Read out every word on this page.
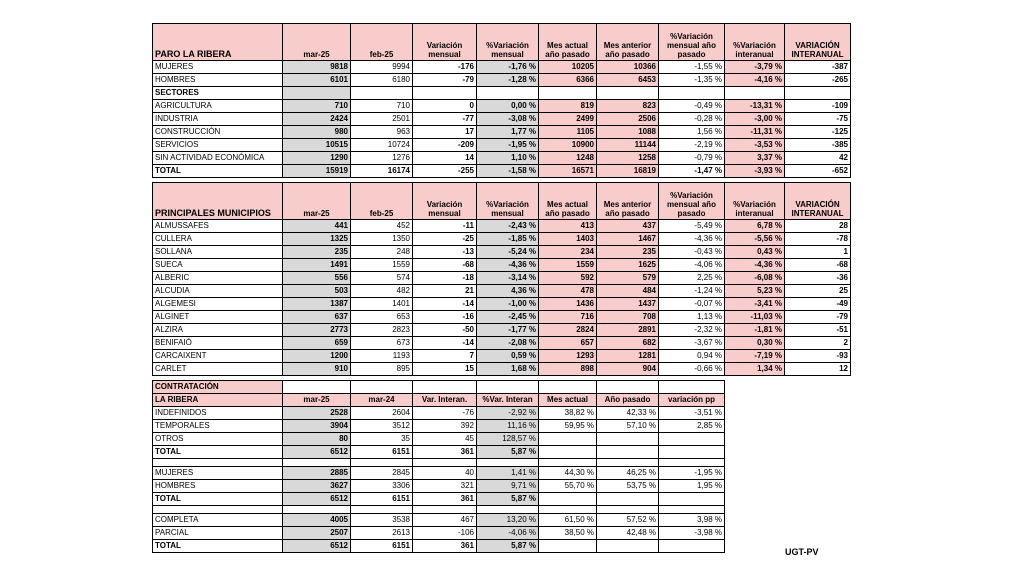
PARO LA RIBERA	mar-25	feb-25	Variación mensual	%Variación mensual	Mes actual año pasado	Mes anterior año pasado	%Variación mensual año pasado	%Variación interanual	VARIACIÓN INTERANUAL
MUJERES	9818	9994	-176	-1,76 %	10205	10366	-1,55 %	-3,79 %	-387
HOMBRES	6101	6180	-79	-1,28 %	6366	6453	-1,35 %	-4,16 %	-265
SECTORES									
AGRICULTURA	710	710	0	0,00 %	819	823	-0,49 %	-13,31 %	-109
INDUSTRIA	2424	2501	-77	-3,08 %	2499	2506	-0,28 %	-3,00 %	-75
CONSTRUCCIÓN	980	963	17	1,77 %	1105	1088	1,56 %	-11,31 %	-125
SERVICIOS	10515	10724	-209	-1,95 %	10900	11144	-2,19 %	-3,53 %	-385
SIN ACTIVIDAD ECONÓMICA	1290	1276	14	1,10 %	1248	1258	-0,79 %	3,37 %	42
TOTAL	15919	16174	-255	-1,58 %	16571	16819	-1,47 %	-3,93 %	-652
PRINCIPALES MUNICIPIOS	mar-25	feb-25	Variación mensual	%Variación mensual	Mes actual año pasado	Mes anterior año pasado	%Variación mensual año pasado	%Variación interanual	VARIACIÓN INTERANUAL
ALMUSSAFES	441	452	-11	-2,43 %	413	437	-5,49 %	6,78 %	28
CULLERA	1325	1350	-25	-1,85 %	1403	1467	-4,36 %	-5,56 %	-78
SOLLANA	235	248	-13	-5,24 %	234	235	-0,43 %	0,43 %	1
SUECA	1491	1559	-68	-4,36 %	1559	1625	-4,06 %	-4,36 %	-68
ALBERIC	556	574	-18	-3,14 %	592	579	2,25 %	-6,08 %	-36
ALCUDIA	503	482	21	4,36 %	478	484	-1,24 %	5,23 %	25
ALGEMESI	1387	1401	-14	-1,00 %	1436	1437	-0,07 %	-3,41 %	-49
ALGINET	637	653	-16	-2,45 %	716	708	1,13 %	-11,03 %	-79
ALZIRA	2773	2823	-50	-1,77 %	2824	2891	-2,32 %	-1,81 %	-51
BENIFAIÓ	659	673	-14	-2,08 %	657	682	-3,67 %	0,30 %	2
CARCAIXENT	1200	1193	7	0,59 %	1293	1281	0,94 %	-7,19 %	-93
CARLET	910	895	15	1,68 %	898	904	-0,66 %	1,34 %	12
CONTRATACIÓN							
LA RIBERA	mar-25	mar-24	Var. Interan.	%Var. Interan	Mes actual	Año pasado	variación pp
INDEFINIDOS	2528	2604	-76	-2,92 %	38,82 %	42,33 %	-3,51 %
TEMPORALES	3904	3512	392	11,16 %	59,95 %	57,10 %	2,85 %
OTROS	80	35	45	128,57 %			
TOTAL	6512	6151	361	5,87 %			

MUJERES	2885	2845	40	1,41 %	44,30 %	46,25 %	-1,95 %
HOMBRES	3627	3306	321	9,71 %	55,70 %	53,75 %	1,95 %
TOTAL	6512	6151	361	5,87 %			

COMPLETA	4005	3538	467	13,20 %	61,50 %	57,52 %	3,98 %
PARCIAL	2507	2613	-106	-4,06 %	38,50 %	42,48 %	-3,98 %
TOTAL	6512	6151	361	5,87 %			
UGT-PV
